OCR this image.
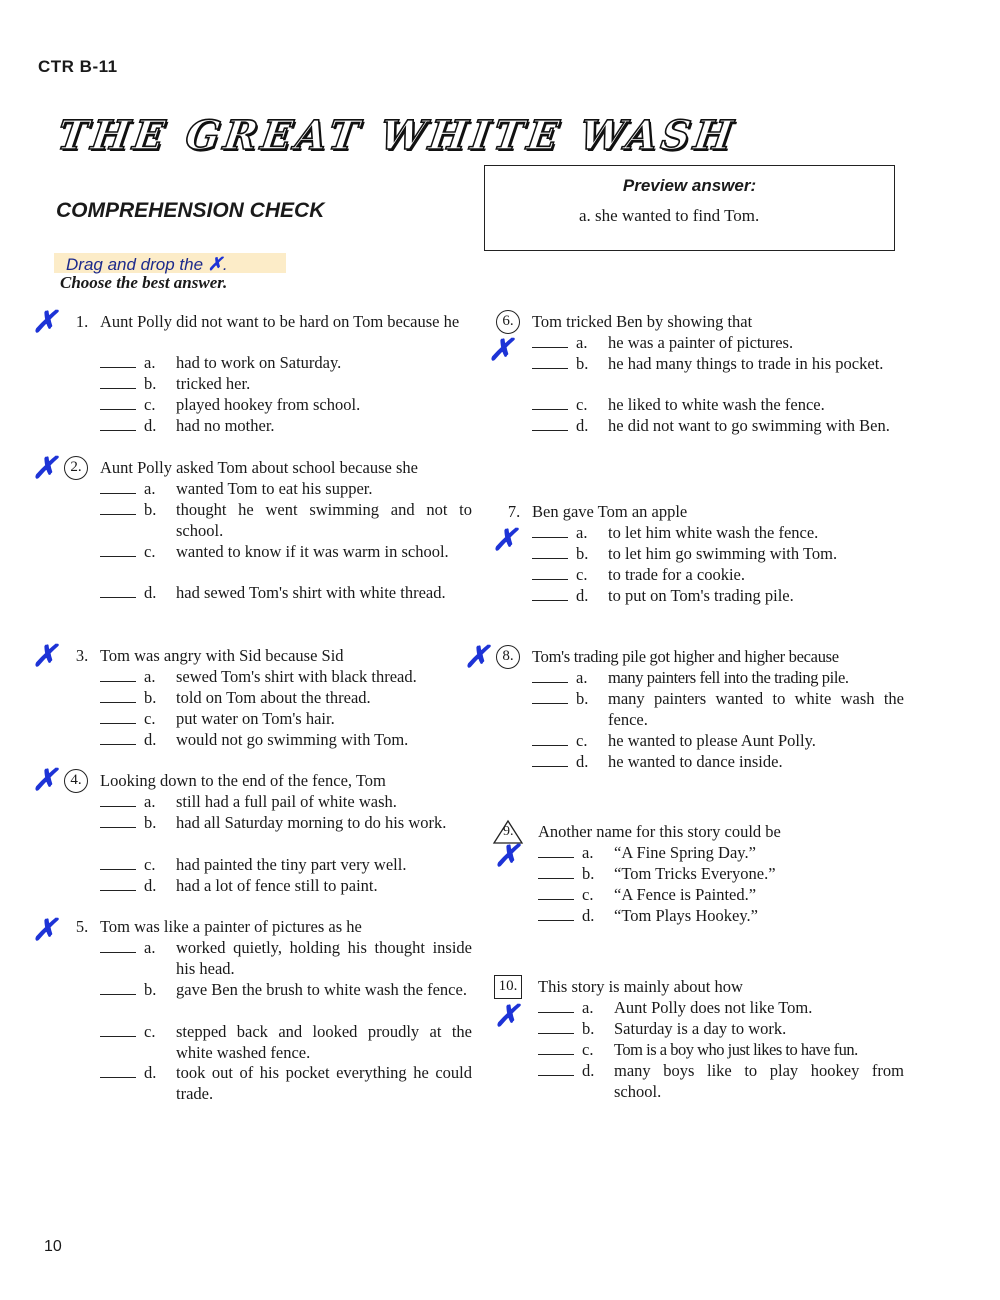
CTR B-11
THE GREAT WHITE WASH
COMPREHENSION CHECK
Preview answer:
a. she wanted to find Tom.
Drag and drop the ✗.
Choose the best answer.
1. Aunt Polly did not want to be hard on Tom because he
a. had to work on Saturday.
b. tricked her.
c. played hookey from school.
d. had no mother.
2.	Aunt Polly asked Tom about school because she
a. wanted Tom to eat his supper.
b. thought he went swimming and not to school.
c. wanted to know if it was warm in school.
d. had sewed Tom's shirt with white thread.
3. Tom was angry with Sid because Sid
a. sewed Tom's shirt with black thread.
b. told on Tom about the thread.
c. put water on Tom's hair.
d. would not go swimming with Tom.
4.	Looking down to the end of the fence, Tom
a. still had a full pail of white wash.
b. had all Saturday morning to do his work.
c. had painted the tiny part very well.
d. had a lot of fence still to paint.
5. Tom was like a painter of pictures as he
a. worked quietly, holding his thought inside his head.
b. gave Ben the brush to white wash the fence.
c. stepped back and looked proudly at the white washed fence.
d. took out of his pocket everything he could trade.
6.	Tom tricked Ben by showing that
a. he was a painter of pictures.
b. he had many things to trade in his pocket.
c. he liked to white wash the fence.
d. he did not want to go swimming with Ben.
7. Ben gave Tom an apple
a. to let him white wash the fence.
b. to let him go swimming with Tom.
c. to trade for a cookie.
d. to put on Tom's trading pile.
8.	Tom's trading pile got higher and higher because
a. many painters fell into the trading pile.
b. many painters wanted to white wash the fence.
c. he wanted to please Aunt Polly.
d. he wanted to dance inside.
9. Another name for this story could be
a. “A Fine Spring Day.”
b. “Tom Tricks Everyone.”
c. “A Fence is Painted.”
d. “Tom Plays Hookey.”
10. This story is mainly about how
a. Aunt Polly does not like Tom.
b. Saturday is a day to work.
c. Tom is a boy who just likes to have fun.
d. many boys like to play hookey from school.
✗
✗
✗
✗
✗
✗
✗
✗
✗
✗
10
